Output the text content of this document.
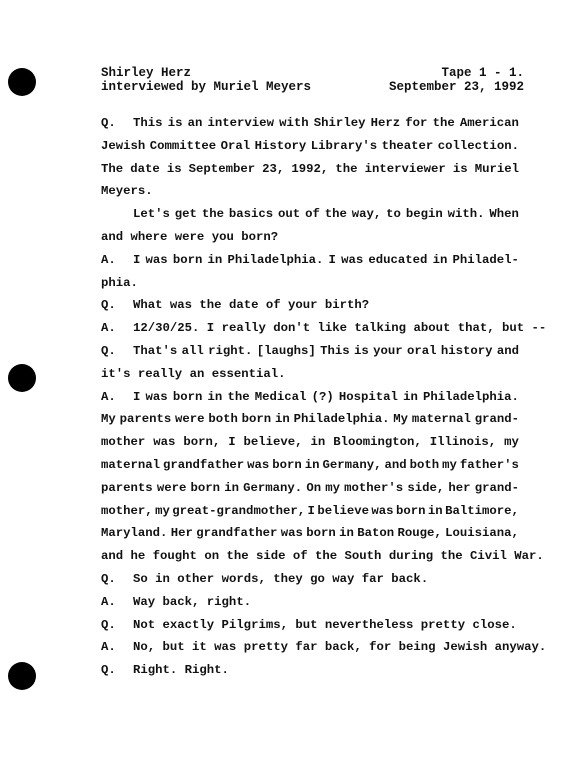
Shirley Herz
interviewed by Muriel Meyers
Tape 1 - 1.
September 23, 1992
Q.	This is an interview with Shirley Herz for the American
Jewish Committee Oral History Library's theater collection.
The date is September 23, 1992, the interviewer is Muriel
Meyers.
Let's get the basics out of the way, to begin with. When
and where were you born?
A.	I was born in Philadelphia. I was educated in Philadel-
phia.
Q.	What was the date of your birth?
A.	12/30/25. I really don't like talking about that, but --
Q.	That's all right. [laughs] This is your oral history and
it's really an essential.
A.	I was born in the Medical (?) Hospital in Philadelphia.
My parents were both born in Philadelphia. My maternal grand-
mother was born, I believe, in Bloomington, Illinois, my
maternal grandfather was born in Germany, and both my father's
parents were born in Germany. On my mother's side, her grand-
mother, my great-grandmother, I believe was born in Baltimore,
Maryland. Her grandfather was born in Baton Rouge, Louisiana,
and he fought on the side of the South during the Civil War.
Q.	So in other words, they go way far back.
A.	Way back, right.
Q.	Not exactly Pilgrims, but nevertheless pretty close.
A.	No, but it was pretty far back, for being Jewish anyway.
Q.	Right. Right.
